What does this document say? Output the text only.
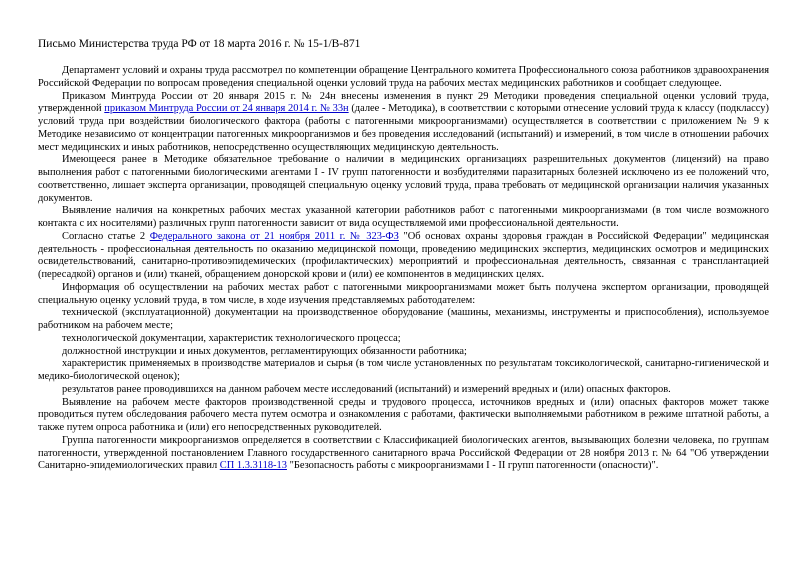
Письмо Министерства труда РФ от 18 марта 2016 г. № 15-1/В-871

Департамент условий и охраны труда рассмотрел по компетенции обращение Центрального комитета Профессионального союза работников здравоохранения Российской Федерации по вопросам проведения специальной оценки условий труда на рабочих местах медицинских работников и сообщает следующее.

Приказом Минтруда России от 20 января 2015 г. № 24н внесены изменения в пункт 29 Методики проведения специальной оценки условий труда, утвержденной приказом Минтруда России от 24 января 2014 г. № 33н (далее - Методика), в соответствии с которыми отнесение условий труда к классу (подклассу) условий труда при воздействии биологического фактора (работы с патогенными микроорганизмами) осуществляется в соответствии с приложением № 9 к Методике независимо от концентрации патогенных микроорганизмов и без проведения исследований (испытаний) и измерений, в том числе в отношении рабочих мест медицинских и иных работников, непосредственно осуществляющих медицинскую деятельность.

Имеющееся ранее в Методике обязательное требование о наличии в медицинских организациях разрешительных документов (лицензий) на право выполнения работ с патогенными биологическими агентами I - IV групп патогенности и возбудителями паразитарных болезней исключено из ее положений что, соответственно, лишает эксперта организации, проводящей специальную оценку условий труда, права требовать от медицинской организации наличия указанных документов.

Выявление наличия на конкретных рабочих местах указанной категории работников работ с патогенными микроорганизмами (в том числе возможного контакта с их носителями) различных групп патогенности зависит от вида осуществляемой ими профессиональной деятельности.

Согласно статье 2 Федерального закона от 21 ноября 2011 г. № 323-ФЗ "Об основах охраны здоровья граждан в Российской Федерации" медицинская деятельность - профессиональная деятельность по оказанию медицинской помощи, проведению медицинских экспертиз, медицинских осмотров и медицинских освидетельствований, санитарно-противоэпидемических (профилактических) мероприятий и профессиональная деятельность, связанная с трансплантацией (пересадкой) органов и (или) тканей, обращением донорской крови и (или) ее компонентов в медицинских целях.

Информация об осуществлении на рабочих местах работ с патогенными микроорганизмами может быть получена экспертом организации, проводящей специальную оценку условий труда, в том числе, в ходе изучения представляемых работодателем:

технической (эксплуатационной) документации на производственное оборудование (машины, механизмы, инструменты и приспособления), используемое работником на рабочем месте;

технологической документации, характеристик технологического процесса;

должностной инструкции и иных документов, регламентирующих обязанности работника;

характеристик применяемых в производстве материалов и сырья (в том числе установленных по результатам токсикологической, санитарно-гигиенической и медико-биологической оценок);

результатов ранее проводившихся на данном рабочем месте исследований (испытаний) и измерений вредных и (или) опасных факторов.

Выявление на рабочем месте факторов производственной среды и трудового процесса, источников вредных и (или) опасных факторов может также проводиться путем обследования рабочего места путем осмотра и ознакомления с работами, фактически выполняемыми работником в режиме штатной работы, а также путем опроса работника и (или) его непосредственных руководителей.

Группа патогенности микроорганизмов определяется в соответствии с Классификацией биологических агентов, вызывающих болезни человека, по группам патогенности, утвержденной постановлением Главного государственного санитарного врача Российской Федерации от 28 ноября 2013 г. № 64 "Об утверждении Санитарно-эпидемиологических правил СП 1.3.3118-13 "Безопасность работы с микроорганизмами I - II групп патогенности (опасности)".
